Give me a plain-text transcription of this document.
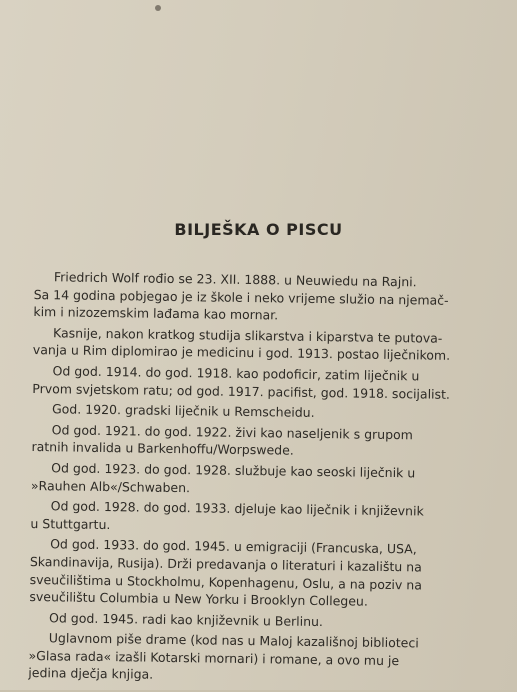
BILJEŠKA O PISCU

Friedrich Wolf rođio se 23. XII. 1888. u Neuwiedu na Rajni.
Sa 14 godina pobjegao je iz škole i neko vrijeme služio na njemač-
kim i nizozemskim lađama kao mornar.

Kasnije, nakon kratkog studija slikarstva i kiparstva te putova-
vanja u Rim diplomirao je medicinu i god. 1913. postao liječnikom.

Od god. 1914. do god. 1918. kao podoficir, zatim liječnik u
Prvom svjetskom ratu; od god. 1917. pacifist, god. 1918. socijalist.

God. 1920. gradski liječnik u Remscheidu.

Od god. 1921. do god. 1922. živi kao naseljenik s grupom
ratnih invalida u Barkenhoffu/Worpswede.

Od god. 1923. do god. 1928. službuje kao seoski liječnik u
»Rauhen Alb«/Schwaben.

Od god. 1928. do god. 1933. djeluje kao liječnik i književnik
u Stuttgartu.

Od god. 1933. do god. 1945. u emigraciji (Francuska, USA,
Skandinavija, Rusija). Drži predavanja o literaturi i kazalištu na
sveučilištima u Stockholmu, Kopenhagenu, Oslu, a na poziv na
sveučilištu Columbia u New Yorku i Brooklyn Collegeu.

Od god. 1945. radi kao književnik u Berlinu.

Uglavnom piše drame (kod nas u Maloj kazališnoj biblioteci
»Glasa rada« izašli Kotarski mornari) i romane, a ovo mu je
jedina dječja knjiga.
